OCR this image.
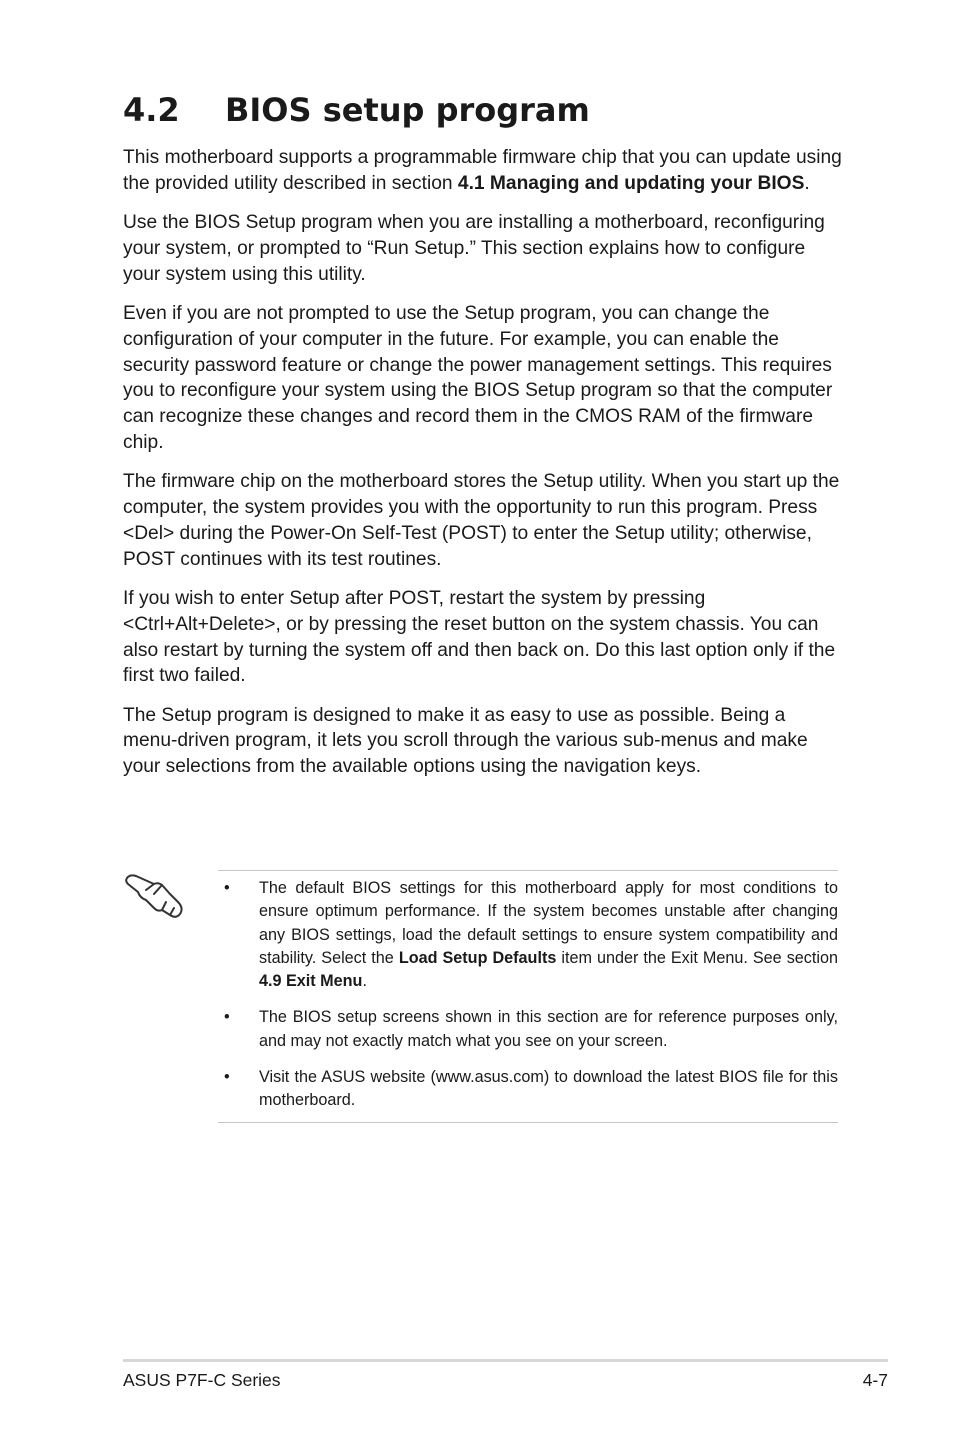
4.2 BIOS setup program

This motherboard supports a programmable firmware chip that you can update using the provided utility described in section 4.1 Managing and updating your BIOS.

Use the BIOS Setup program when you are installing a motherboard, reconfiguring your system, or prompted to “Run Setup.” This section explains how to configure your system using this utility.

Even if you are not prompted to use the Setup program, you can change the configuration of your computer in the future. For example, you can enable the security password feature or change the power management settings. This requires you to reconfigure your system using the BIOS Setup program so that the computer can recognize these changes and record them in the CMOS RAM of the firmware chip.

The firmware chip on the motherboard stores the Setup utility. When you start up the computer, the system provides you with the opportunity to run this program. Press <Del> during the Power-On Self-Test (POST) to enter the Setup utility; otherwise, POST continues with its test routines.

If you wish to enter Setup after POST, restart the system by pressing <Ctrl+Alt+Delete>, or by pressing the reset button on the system chassis. You can also restart by turning the system off and then back on. Do this last option only if the first two failed.

The Setup program is designed to make it as easy to use as possible. Being a menu-driven program, it lets you scroll through the various sub-menus and make your selections from the available options using the navigation keys.

• The default BIOS settings for this motherboard apply for most conditions to ensure optimum performance. If the system becomes unstable after changing any BIOS settings, load the default settings to ensure system compatibility and stability. Select the Load Setup Defaults item under the Exit Menu. See section 4.9 Exit Menu.
• The BIOS setup screens shown in this section are for reference purposes only, and may not exactly match what you see on your screen.
• Visit the ASUS website (www.asus.com) to download the latest BIOS file for this motherboard.
ASUS P7F-C Series	4-7
